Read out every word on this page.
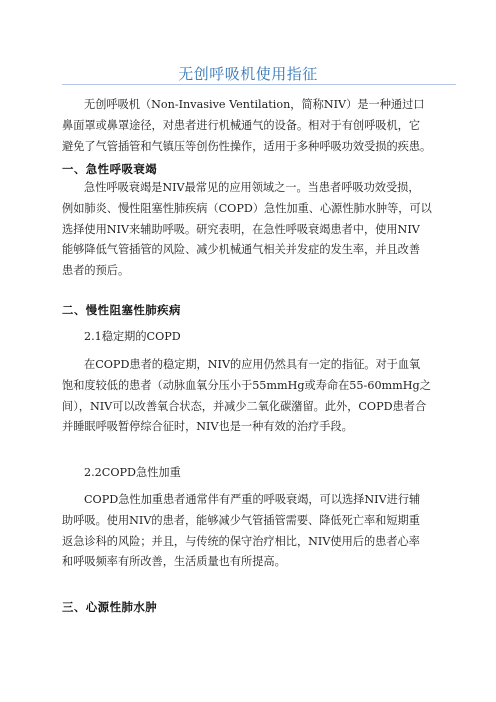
无创呼吸机使用指征
无创呼吸机（Non-Invasive Ventilation，简称NIV）是一种通过口
鼻面罩或鼻罩途径，对患者进行机械通气的设备。相对于有创呼吸机，它
避免了气管插管和气镇压等创伤性操作，适用于多种呼吸功效受损的疾患。
一、急性呼吸衰竭
急性呼吸衰竭是NIV最常见的应用领域之一。当患者呼吸功效受损，
例如肺炎、慢性阻塞性肺疾病（COPD）急性加重、心源性肺水肿等，可以
选择使用NIV来辅助呼吸。研究表明，在急性呼吸衰竭患者中，使用NIV
能够降低气管插管的风险、减少机械通气相关并发症的发生率，并且改善
患者的预后。
二、慢性阻塞性肺疾病
2.1稳定期的COPD
在COPD患者的稳定期，NIV的应用仍然具有一定的指征。对于血氧
饱和度较低的患者（动脉血氧分压小于55mmHg或寿命在55-60mmHg之
间），NIV可以改善氧合状态，并减少二氧化碳潴留。此外，COPD患者合
并睡眠呼吸暂停综合征时，NIV也是一种有效的治疗手段。
2.2COPD急性加重
COPD急性加重患者通常伴有严重的呼吸衰竭，可以选择NIV进行辅
助呼吸。使用NIV的患者，能够减少气管插管需要、降低死亡率和短期重
返急诊科的风险；并且，与传统的保守治疗相比，NIV使用后的患者心率
和呼吸频率有所改善，生活质量也有所提高。
三、心源性肺水肿
